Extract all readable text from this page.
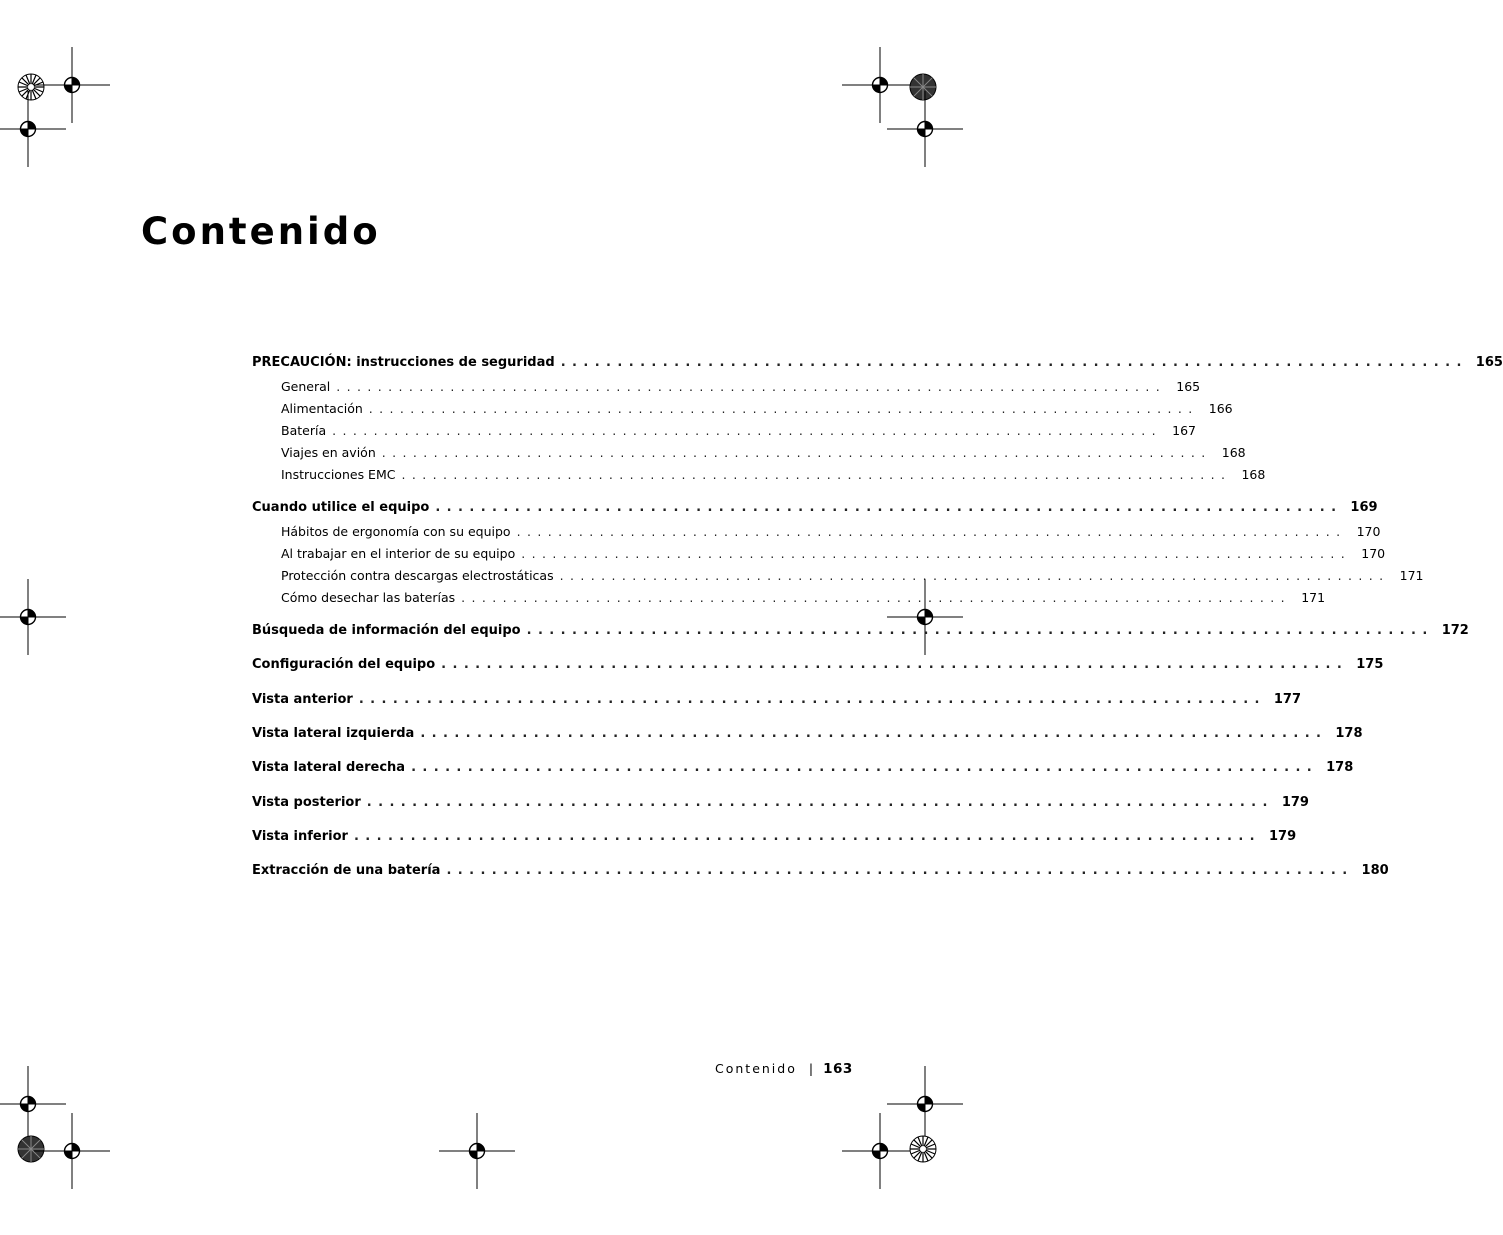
Contenido
PRECAUCIÓN: instrucciones de seguridad ................................................................................ 165
General ................................................................................ 165
Alimentación ................................................................................ 166
Batería ................................................................................ 167
Viajes en avión ................................................................................ 168
Instrucciones EMC ................................................................................ 168
Cuando utilice el equipo ................................................................................ 169
Hábitos de ergonomía con su equipo ................................................................................ 170
Al trabajar en el interior de su equipo ................................................................................ 170
Protección contra descargas electrostáticas ................................................................................ 171
Cómo desechar las baterías ................................................................................ 171
Búsqueda de información del equipo ................................................................................ 172
Configuración del equipo ................................................................................ 175
Vista anterior ................................................................................ 177
Vista lateral izquierda ................................................................................ 178
Vista lateral derecha ................................................................................ 178
Vista posterior ................................................................................ 179
Vista inferior ................................................................................ 179
Extracción de una batería ................................................................................ 180
Contenido | 163
